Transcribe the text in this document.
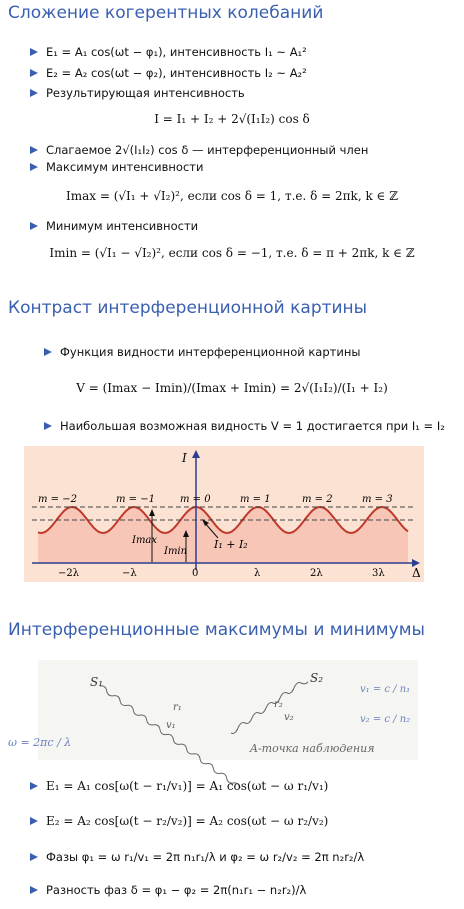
Сложение когерентных колебаний
E₁ = A₁ cos(ωt − φ₁), интенсивность I₁ ~ A₁²
E₂ = A₂ cos(ωt − φ₂), интенсивность I₂ ~ A₂²
Результирующая интенсивность
I = I₁ + I₂ + 2√(I₁I₂) cos δ
Слагаемое 2√(I₁I₂) cos δ — интерференционный член
Максимум интенсивности
Imax = (√I₁ + √I₂)², если cos δ = 1, т.е. δ = 2πk, k ∈ ℤ
Минимум интенсивности
Imin = (√I₁ − √I₂)², если cos δ = −1, т.е. δ = π + 2πk, k ∈ ℤ
Контраст интерференционной картины
Функция видности интерференционной картины
V = (Imax − Imin)/(Imax + Imin) = 2√(I₁I₂)/(I₁ + I₂)
Наибольшая возможная видность V = 1 достигается при I₁ = I₂
I
Δ
m = −2	m = −1	m = 0	m = 1	m = 2	m = 3
−2λ	−λ	0	λ	2λ	3λ
Imax
Imin
I₁ + I₂
Интерференционные максимумы и минимумы
S₁	S₂
r₁
v₁
r₂
v₂
A-точка наблюдения
ω = 2πc / λ
v₁ = c / n₁
v₂ = c / n₂
E₁ = A₁ cos[ω(t − r₁/v₁)] = A₁ cos(ωt − ω r₁/v₁)
E₂ = A₂ cos[ω(t − r₂/v₂)] = A₂ cos(ωt − ω r₂/v₂)
Фазы φ₁ = ω r₁/v₁ = 2π n₁r₁/λ и φ₂ = ω r₂/v₂ = 2π n₂r₂/λ
Разность фаз δ = φ₁ − φ₂ = 2π(n₁r₁ − n₂r₂)/λ
